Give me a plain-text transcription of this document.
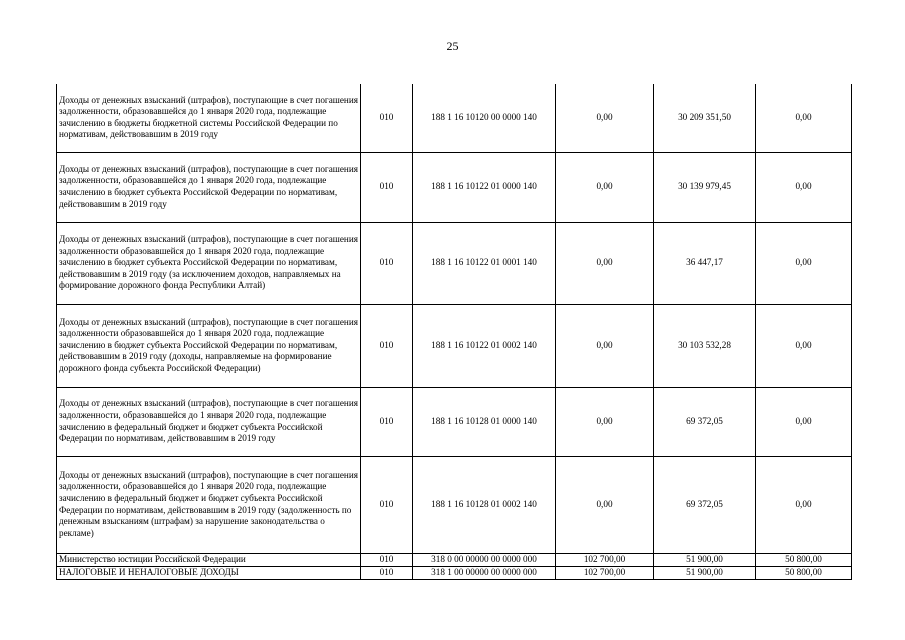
25
Доходы от денежных взысканий (штрафов), поступающие в счет погашения задолженности, образовавшейся до 1 января 2020 года, подлежащие зачислению в бюджеты бюджетной системы Российской Федерации по нормативам, действовавшим в 2019 году	010	188 1 16 10120 00 0000 140	0,00	30 209 351,50	0,00
Доходы от денежных взысканий (штрафов), поступающие в счет погашения задолженности, образовавшейся до 1 января 2020 года, подлежащие зачислению в бюджет субъекта Российской Федерации по нормативам, действовавшим в 2019 году	010	188 1 16 10122 01 0000 140	0,00	30 139 979,45	0,00
Доходы от денежных взысканий (штрафов), поступающие в счет погашения задолженности образовавшейся до 1 января 2020 года, подлежащие зачислению в бюджет субъекта Российской Федерации по нормативам, действовавшим в 2019 году (за исключением доходов, направляемых на формирование дорожного фонда Республики Алтай)	010	188 1 16 10122 01 0001 140	0,00	36 447,17	0,00
Доходы от денежных взысканий (штрафов), поступающие в счет погашения задолженности образовавшейся до 1 января 2020 года, подлежащие зачислению в бюджет субъекта Российской Федерации по нормативам, действовавшим в 2019 году (доходы, направляемые на формирование дорожного фонда субъекта Российской Федерации)	010	188 1 16 10122 01 0002 140	0,00	30 103 532,28	0,00
Доходы от денежных взысканий (штрафов), поступающие в счет погашения задолженности, образовавшейся до 1 января 2020 года, подлежащие зачислению в федеральный бюджет и бюджет субъекта Российской Федерации по нормативам, действовавшим в 2019 году	010	188 1 16 10128 01 0000 140	0,00	69 372,05	0,00
Доходы от денежных взысканий (штрафов), поступающие в счет погашения задолженности, образовавшейся до 1 января 2020 года, подлежащие зачислению в федеральный бюджет и бюджет субъекта Российской Федерации по нормативам, действовавшим в 2019 году (задолженность по денежным взысканиям (штрафам) за нарушение законодательства о рекламе)	010	188 1 16 10128 01 0002 140	0,00	69 372,05	0,00
Министерство юстиции Российской Федерации	010	318 0 00 00000 00 0000 000	102 700,00	51 900,00	50 800,00
НАЛОГОВЫЕ И НЕНАЛОГОВЫЕ ДОХОДЫ	010	318 1 00 00000 00 0000 000	102 700,00	51 900,00	50 800,00
